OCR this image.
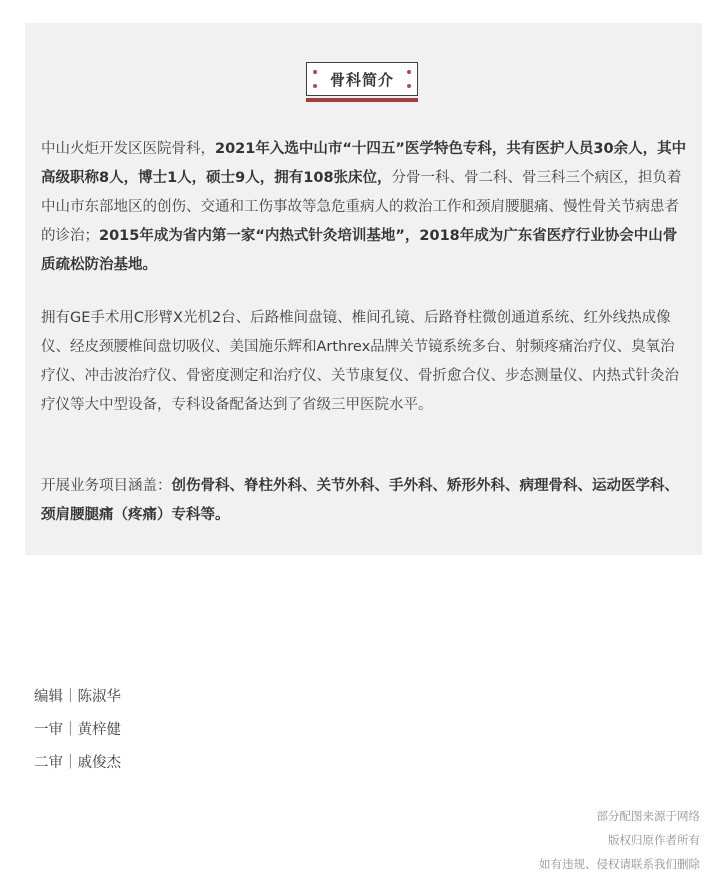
骨科简介

中山火炬开发区医院骨科，2021年入选中山市“十四五”医学特色专科，共有医护人员30余人，其中高级职称8人，博士1人，硕士9人，拥有108张床位，分骨一科、骨二科、骨三科三个病区，担负着中山市东部地区的创伤、交通和工伤事故等急危重病人的救治工作和颈肩腰腿痛、慢性骨关节病患者的诊治；2015年成为省内第一家“内热式针灸培训基地”，2018年成为广东省医疗行业协会中山骨质疏松防治基地。

拥有GE手术用C形臂X光机2台、后路椎间盘镜、椎间孔镜、后路脊柱微创通道系统、红外线热成像仪、经皮颈腰椎间盘切吸仪、美国施乐辉和Arthrex品牌关节镜系统多台、射频疼痛治疗仪、臭氧治疗仪、冲击波治疗仪、骨密度测定和治疗仪、关节康复仪、骨折愈合仪、步态测量仪、内热式针灸治疗仪等大中型设备，专科设备配备达到了省级三甲医院水平。

开展业务项目涵盖：创伤骨科、脊柱外科、关节外科、手外科、矫形外科、病理骨科、运动医学科、颈肩腰腿痛（疼痛）专科等。

编辑｜陈淑华
一审｜黄梓健
二审｜戚俊杰
部分配图来源于网络
版权归原作者所有
如有违规、侵权请联系我们删除
